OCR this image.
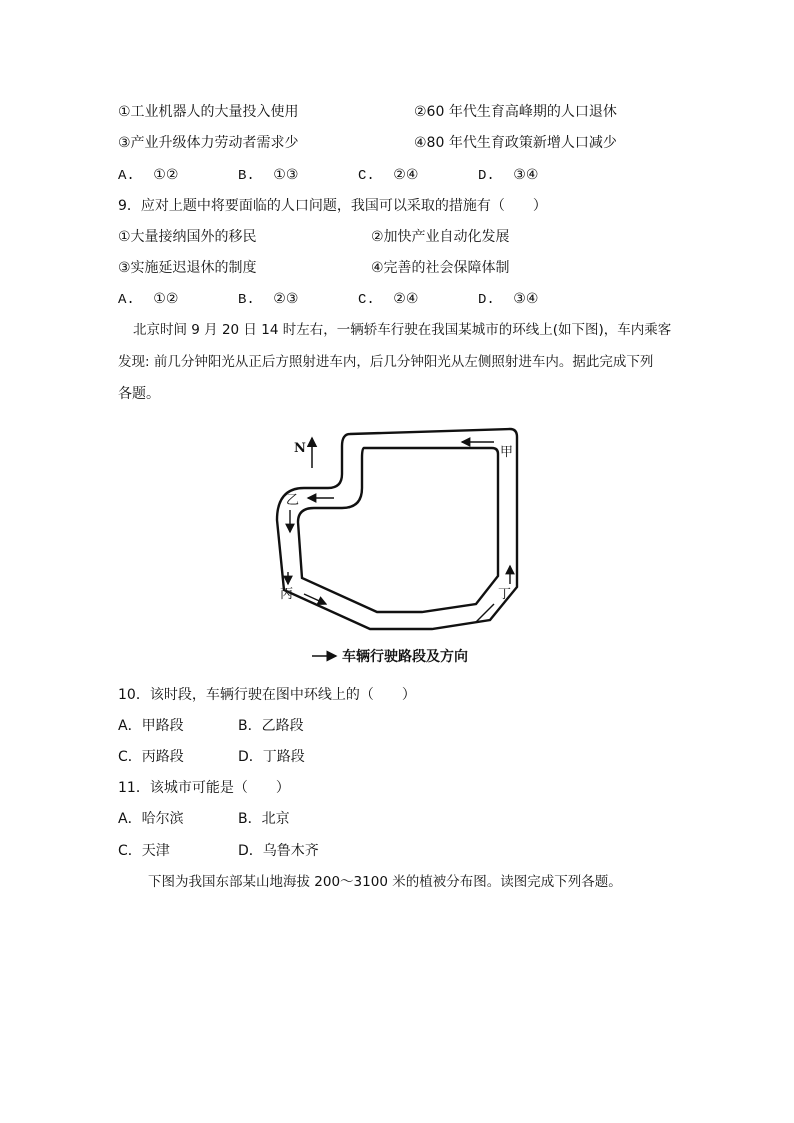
①工业机器人的大量投入使用	②60 年代生育高峰期的人口退休
③产业升级体力劳动者需求少	④80 年代生育政策新增人口减少
A. ①②	B. ①③	C. ②④	D. ③④
9．应对上题中将要面临的人口问题，我国可以采取的措施有（　　）
①大量接纳国外的移民	②加快产业自动化发展
③实施延迟退休的制度	④完善的社会保障体制
A. ①②	B. ②③	C. ②④	D. ③④
北京时间 9 月 20 日 14 时左右，一辆轿车行驶在我国某城市的环线上(如下图)，车内乘客
发现: 前几分钟阳光从正后方照射进车内，后几分钟阳光从左侧照射进车内。据此完成下列
各题。
N	甲
乙
丙	丁
车辆行驶路段及方向
10．该时段，车辆行驶在图中环线上的（　　）
A．甲路段	B．乙路段
C．丙路段	D．丁路段
11．该城市可能是（　　）
A．哈尔滨	B．北京
C．天津	D．乌鲁木齐
下图为我国东部某山地海拔 200～3100 米的植被分布图。读图完成下列各题。
